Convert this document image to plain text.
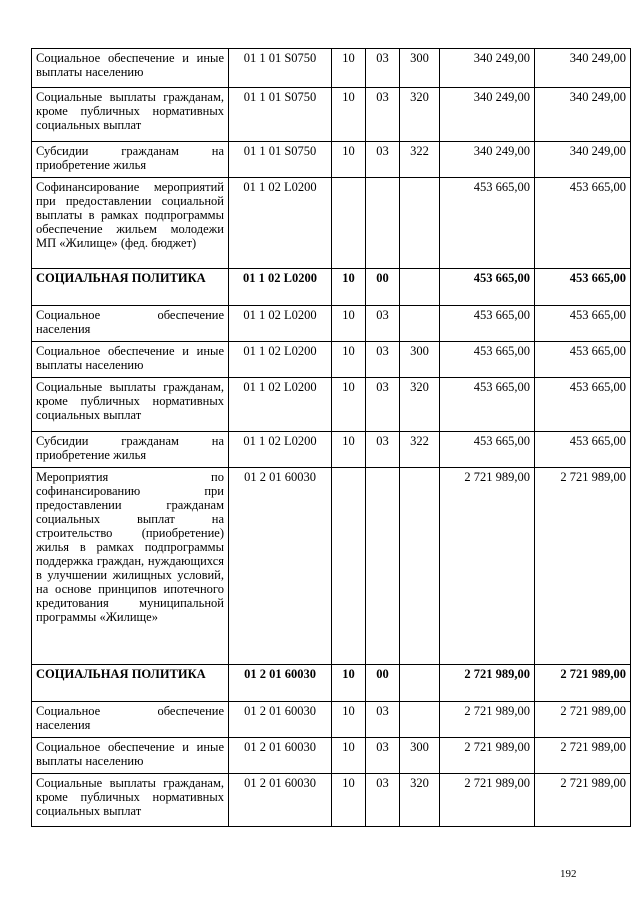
Социальное обеспечение и иные выплаты населению	01 1 01 S0750	10	03	300	340 249,00	340 249,00
Социальные выплаты гражданам, кроме публичных нормативных социальных выплат	01 1 01 S0750	10	03	320	340 249,00	340 249,00
Субсидии гражданам на приобретение жилья	01 1 01 S0750	10	03	322	340 249,00	340 249,00
Софинансирование мероприятий при предоставлении социальной выплаты в рамках подпрограммы обеспечение жильем молодежи МП «Жилище» (фед. бюджет)	01 1 02 L0200				453 665,00	453 665,00
СОЦИАЛЬНАЯ ПОЛИТИКА	01 1 02 L0200	10	00		453 665,00	453 665,00
Социальное обеспечение населения	01 1 02 L0200	10	03		453 665,00	453 665,00
Социальное обеспечение и иные выплаты населению	01 1 02 L0200	10	03	300	453 665,00	453 665,00
Социальные выплаты гражданам, кроме публичных нормативных социальных выплат	01 1 02 L0200	10	03	320	453 665,00	453 665,00
Субсидии гражданам на приобретение жилья	01 1 02 L0200	10	03	322	453 665,00	453 665,00
Мероприятия по софинансированию при предоставлении гражданам социальных выплат на строительство (приобретение) жилья в рамках подпрограммы поддержка граждан, нуждающихся в улучшении жилищных условий, на основе принципов ипотечного кредитования муниципальной программы «Жилище»	01 2 01 60030				2 721 989,00	2 721 989,00
СОЦИАЛЬНАЯ ПОЛИТИКА	01 2 01 60030	10	00		2 721 989,00	2 721 989,00
Социальное обеспечение населения	01 2 01 60030	10	03		2 721 989,00	2 721 989,00
Социальное обеспечение и иные выплаты населению	01 2 01 60030	10	03	300	2 721 989,00	2 721 989,00
Социальные выплаты гражданам, кроме публичных нормативных социальных выплат	01 2 01 60030	10	03	320	2 721 989,00	2 721 989,00
192
